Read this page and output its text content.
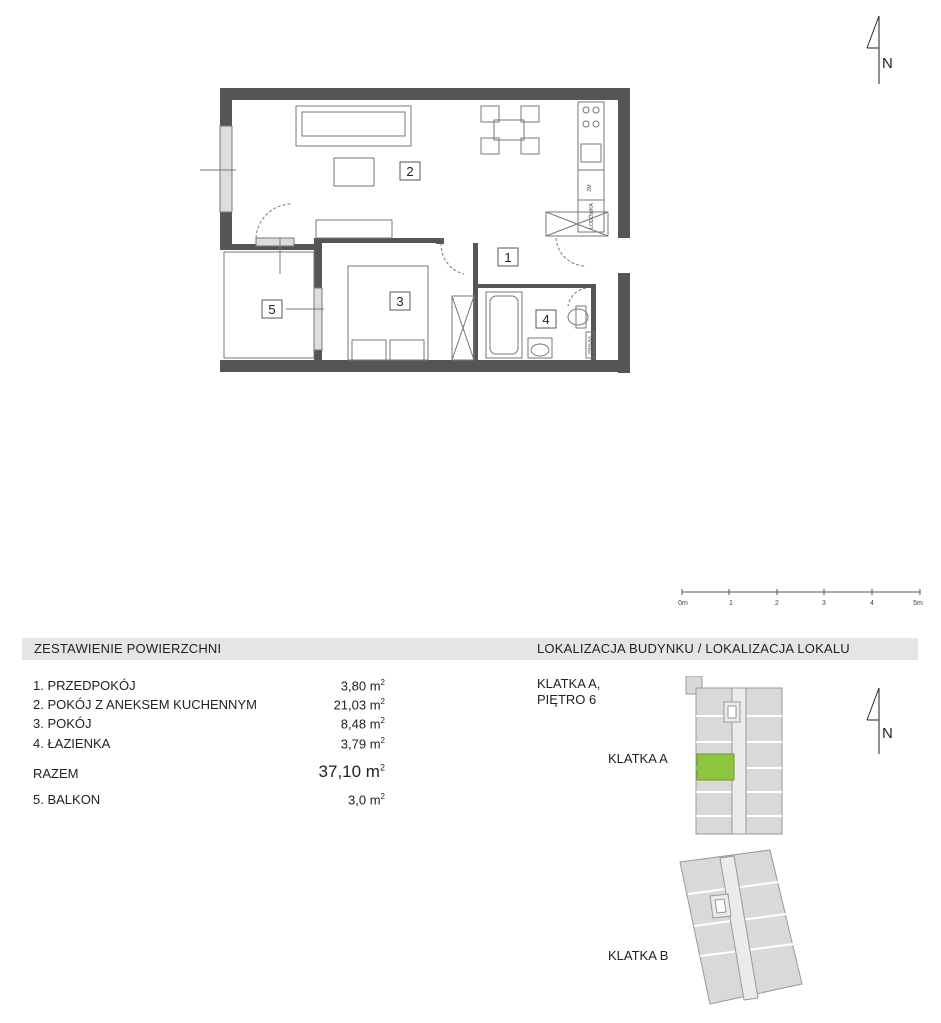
N
ZM
LODÓWKA
PRALKA
1
2
3
4
5
0m	1	2	3	4	5m
ZESTAWIENIE POWIERZCHNI	LOKALIZACJA BUDYNKU / LOKALIZACJA LOKALU
1. PRZEDPOKÓJ	3,80 $m^2$
2. POKÓJ Z ANEKSEM KUCHENNYM	21,03 $m^2$
3. POKÓJ	8,48 $m^2$
4. ŁAZIENKA	3,79 $m^2$
RAZEM	37,10 $m^2$
5. BALKON	3,0 $m^2$
KLATKA A,
PIĘTRO 6
KLATKA A
KLATKA B
N
